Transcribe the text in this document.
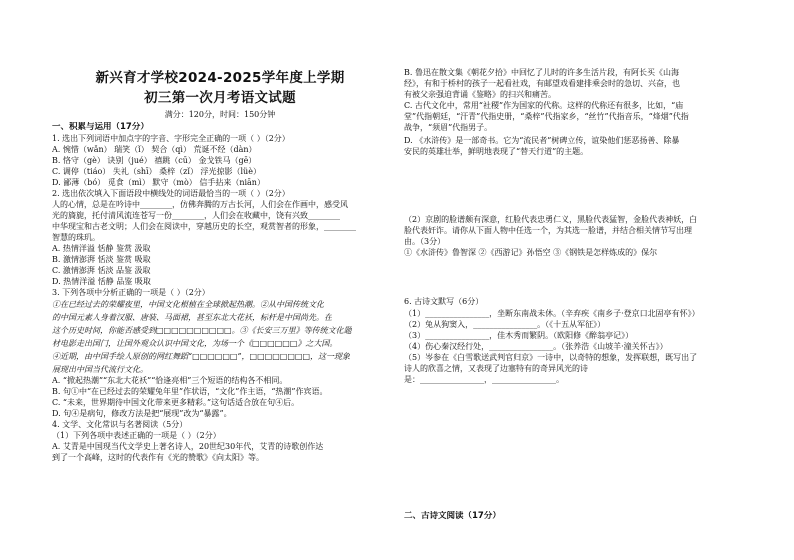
新兴育才学校2024-2025学年度上学期
初三第一次月考语文试题
满分：120分，时间：150分钟
一、积累与运用（17分）
1. 选出下列词语中加点字的字音、字形完全正确的一项（ ）（2分）
A. 惋惜（wǎn） 瑞笑（ǐ） 契合（qì） 荒诞不经（dàn）
B. 恪守（gè） 诀别（jué） 禧跳（cū） 金戈铁马（gē）
C. 调停（tiáo） 失礼（shī） 桑梓（zǐ） 浮光掠影（lüè）
D. 鄙薄（bó） 觅食（mì） 默守（mò） 信手拈来（niān）
2. 选出依次填入下面语段中横线处的词语最恰当的一项（ ）（2分）
人的心情，总是在吟诗中________，仿佛奔腾的万古长河，人们会在作画中，感受风
光的旖旎，托付清风流连苍写一份________，人们会在收藏中，饶有兴致________
中华现宝和古老文明；人们会在阅读中，穿越历史的长空，观赏智者的形象，________
智慧的珠玑。
A. 热情洋溢 恬静 鉴赏 汲取
B. 激情澎湃 恬淡 鉴赏 吸取
C. 激情澎湃 恬淡 品鉴 汲取
D. 热情洋溢 恬静 品鉴 吸取
3. 下列各项中分析正确的一项是（ ）（2分）
①在已经过去的荣耀夜里，中国文化根植在全球掀起热潮。②从中国传统文化
的中国元素人身着汉服、唐装、马面裙，甚至东北大花袄，标杆是中国尚先。在
这个历史时间，你能否感受到□□□□□□□□□□。③《长安三万里》等传统文化题
材电影走出国门，让国外观众认识中国文化，为场一个《□□□□□□》之大国。
④近期，由中国手绘人原创的网红舞蹈“□□□□□□”，□□□□□□□□，这一现象
展现出中国当代流行文化。
A. “掀起热潮”“东北大花袄”“恰逢亮相”三个短语的结构各不相同。
B. 句①中“在已经过去的荣耀兔年里”作状语，“文化”作主语，“热潮”作宾语。
C. “未来，世界期待中国文化带来更多精彩。”这句话适合放在句④后。
D. 句④是病句，修改方法是把“展现”改为“暴露”。
4. 文学、文化常识与名著阅读（5分）
（1）下列各项中表述正确的一项是（ ）（2分）
A. 艾青是中国现当代文学史上著名诗人，20世纪30年代，艾青的诗歌创作达
到了一个高峰，这时的代表作有《光的赞歌》《向太阳》等。
B. 鲁迅在散文集《朝花夕拾》中回忆了儿时的许多生活片段，有阿长买《山海
经》，有和于桥村的孩子一起看社戏，有邮望戏看建排乘会时的急切、兴奋，也
有被父亲强迫背诵《鉴略》的扫兴和痛苦。
C. 古代文化中，常用“社稷”作为国家的代称。这样的代称还有很多，比如，“庙
堂”代指朝廷，“汗青”代指史册，“桑梓”代指家乡，“丝竹”代指音乐，“烽烟”代指
战争，“须眉”代指男子。
D. 《水浒传》是一部奇书。它为“流民者”树碑立传，谊染他们惩恶扬善、除暴
安民的英雄壮举，鲜明地表现了“替天行道”的主题。
（2）京剧的脸谱颇有深意，红脸代表忠勇仁义，黑脸代表猛智，金脸代表神妖，白
脸代表奸诈。请你从下面人物中任选一个，为其选一脸谱，并结合相关情节写出理
由。（3分）
①《水浒传》鲁智深 ②《西游记》孙悟空 ③《钢铁是怎样炼成的》保尔
6. 古诗文默写（6分）
（1）________________，坐断东南战未休。（辛弃疾《南乡子·登京口北固亭有怀》）
（2）兔从狗窦入，________________。（《十五从军征》）
（3）________________，佳木秀而繁阴。（欧阳修《醉翁亭记》）
（4）伤心秦汉经行处，________________。（张养浩《山坡羊·潼关怀古》）
（5）岑参在《白雪歌送武判官归京》一诗中，以奇特的想象，发挥联想，既写出了
诗人的欣喜之情，又表现了边塞特有的奇异风光的诗
是：________________，________________。
二、古诗文阅读（17分）
